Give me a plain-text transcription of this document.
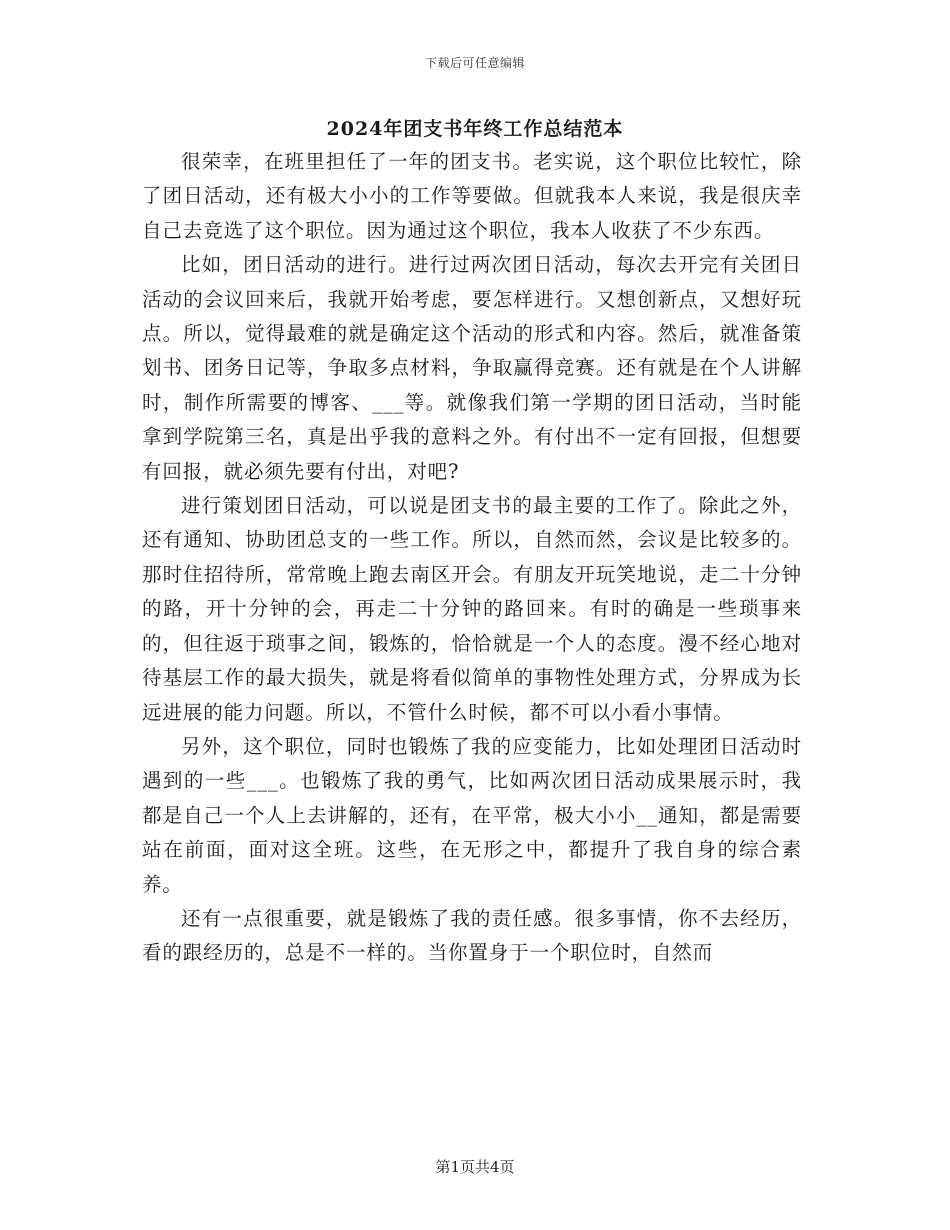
下载后可任意编辑
2024年团支书年终工作总结范本

很荣幸，在班里担任了一年的团支书。老实说，这个职位比较忙，除了团日活动，还有极大小小的工作等要做。但就我本人来说，我是很庆幸自己去竞选了这个职位。因为通过这个职位，我本人收获了不少东西。

比如，团日活动的进行。进行过两次团日活动，每次去开完有关团日活动的会议回来后，我就开始考虑，要怎样进行。又想创新点，又想好玩点。所以，觉得最难的就是确定这个活动的形式和内容。然后，就准备策划书、团务日记等，争取多点材料，争取赢得竞赛。还有就是在个人讲解时，制作所需要的博客、___等。就像我们第一学期的团日活动，当时能拿到学院第三名，真是出乎我的意料之外。有付出不一定有回报，但想要有回报，就必须先要有付出，对吧?

进行策划团日活动，可以说是团支书的最主要的工作了。除此之外，还有通知、协助团总支的一些工作。所以，自然而然，会议是比较多的。那时住招待所，常常晚上跑去南区开会。有朋友开玩笑地说，走二十分钟的路，开十分钟的会，再走二十分钟的路回来。有时的确是一些琐事来的，但往返于琐事之间，锻炼的，恰恰就是一个人的态度。漫不经心地对待基层工作的最大损失，就是将看似简单的事物性处理方式，分界成为长远进展的能力问题。所以，不管什么时候，都不可以小看小事情。

另外，这个职位，同时也锻炼了我的应变能力，比如处理团日活动时遇到的一些___。也锻炼了我的勇气，比如两次团日活动成果展示时，我都是自己一个人上去讲解的，还有，在平常，极大小小__通知，都是需要站在前面，面对这全班。这些，在无形之中，都提升了我自身的综合素养。

还有一点很重要，就是锻炼了我的责任感。很多事情，你不去经历，看的跟经历的，总是不一样的。当你置身于一个职位时，自然而

第1页共4页
